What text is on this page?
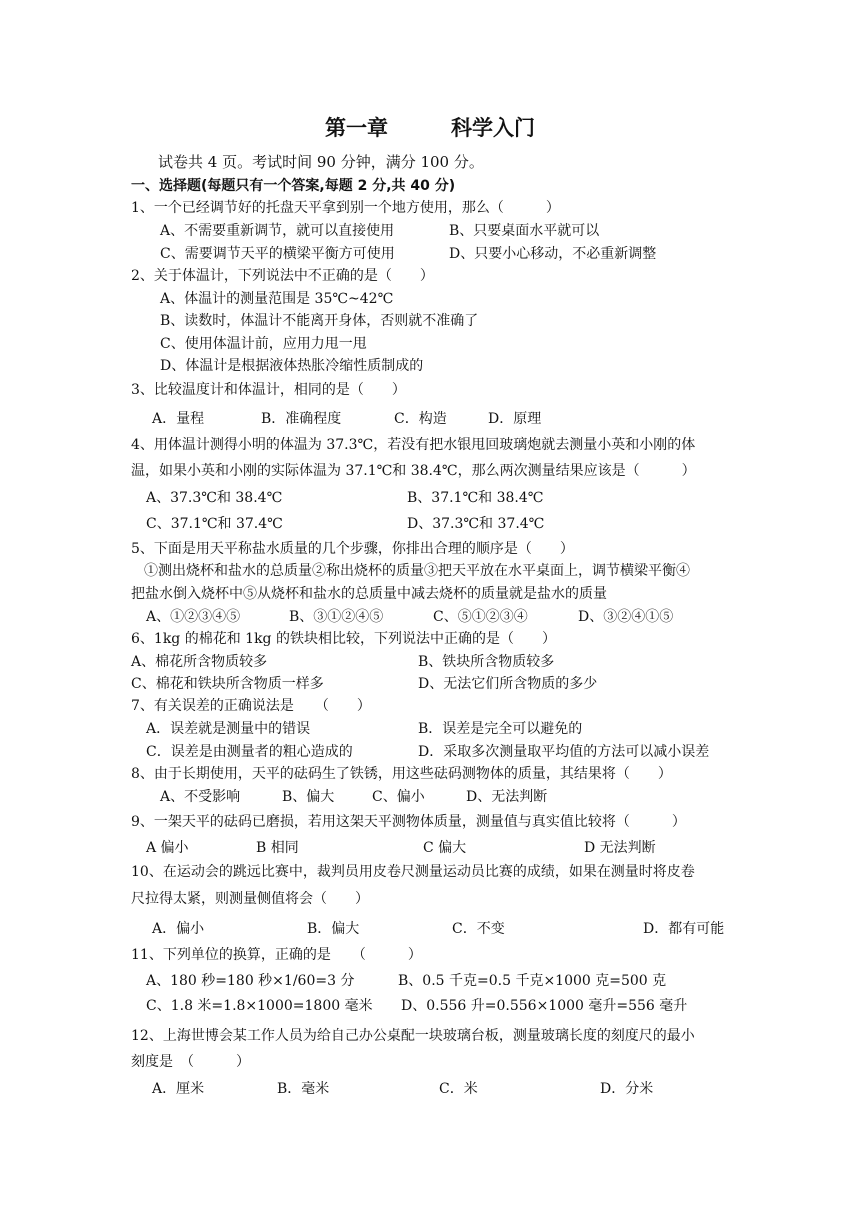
第一章　　　科学入门
试卷共 4 页。考试时间 90 分钟，满分 100 分。
一、选择题(每题只有一个答案,每题 2 分,共 40 分)
1、一个已经调节好的托盘天平拿到别一个地方使用，那么（　　　）
A、不需要重新调节，就可以直接使用	B、只要桌面水平就可以
C、需要调节天平的横梁平衡方可使用	D、只要小心移动，不必重新调整
2、关于体温计，下列说法中不正确的是（　　）
A、体温计的测量范围是 35℃~42℃
B、读数时，体温计不能离开身体，否则就不准确了
C、使用体温计前，应用力甩一甩
D、体温计是根据液体热胀冷缩性质制成的
3、比较温度计和体温计，相同的是（　　）
A．量程	B．准确程度	C．构造	D．原理
4、用体温计测得小明的体温为 37.3℃，若没有把水银甩回玻璃炮就去测量小英和小刚的体
温，如果小英和小刚的实际体温为 37.1℃和 38.4℃，那么两次测量结果应该是（　　　）
A、37.3℃和 38.4℃	B、37.1℃和 38.4℃
C、37.1℃和 37.4℃	D、37.3℃和 37.4℃
5、下面是用天平称盐水质量的几个步骤，你排出合理的顺序是（　　）
①测出烧杯和盐水的总质量②称出烧杯的质量③把天平放在水平桌面上，调节横梁平衡④
把盐水倒入烧杯中⑤从烧杯和盐水的总质量中减去烧杯的质量就是盐水的质量
A、①②③④⑤	B、③①②④⑤	C、⑤①②③④	D、③②④①⑤
6、1kg 的棉花和 1kg 的铁块相比较，下列说法中正确的是（　　）
A、棉花所含物质较多	B、铁块所含物质较多
C、棉花和铁块所含物质一样多	D、无法它们所含物质的多少
7、有关误差的正确说法是　　（　　）
A．误差就是测量中的错误	B．误差是完全可以避免的
C．误差是由测量者的粗心造成的	D．采取多次测量取平均值的方法可以减小误差
8、由于长期使用，天平的砝码生了铁锈，用这些砝码测物体的质量，其结果将（　　）
A、不受影响	B、偏大	C、偏小	D、无法判断
9、一架天平的砝码已磨损，若用这架天平测物体质量，测量值与真实值比较将（　　　）
A 偏小	B 相同	C 偏大	D 无法判断
10、在运动会的跳远比赛中，裁判员用皮卷尺测量运动员比赛的成绩，如果在测量时将皮卷
尺拉得太紧，则测量侧值将会（　　）
A．偏小	B．偏大	C．不变	D．都有可能
11、下列单位的换算，正确的是　　（　　　）
A、180 秒=180 秒×1/60=3 分	B、0.5 千克=0.5 千克×1000 克=500 克
C、1.8 米=1.8×1000=1800 毫米 D、0.556 升=0.556×1000 毫升=556 毫升
12、上海世博会某工作人员为给自己办公桌配一块玻璃台板，测量玻璃长度的刻度尺的最小
刻度是　（　　　）
A．厘米	B．毫米	C．米	D．分米
